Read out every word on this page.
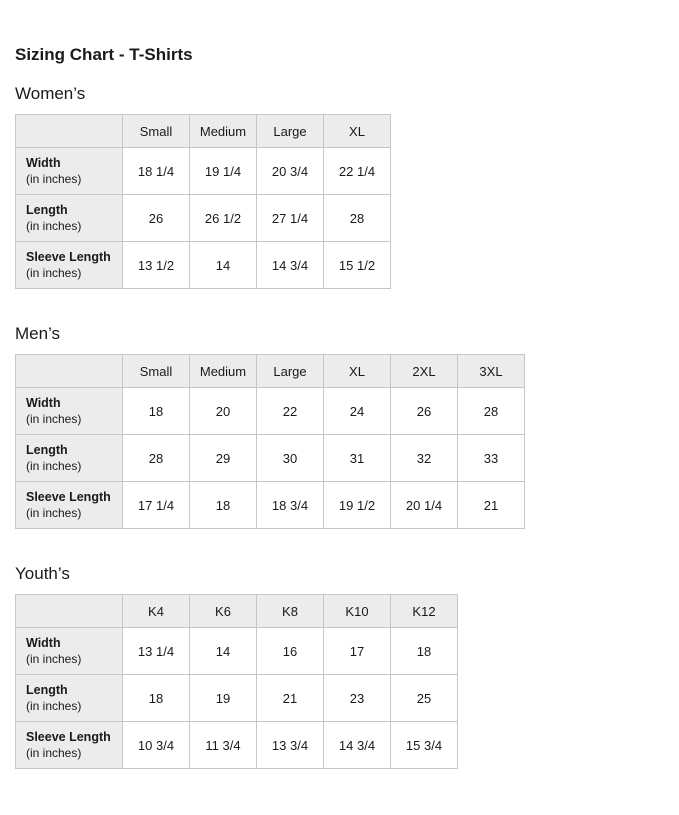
Sizing Chart - T-Shirts
Women’s
	Small	Medium	Large	XL

Width
(in inches)	18 1/4	19 1/4	20 3/4	22 1/4

Length
(in inches)	26	26 1/2	27 1/4	28

Sleeve Length
(in inches)	13 1/2	14	14 3/4	15 1/2
Men’s
	Small	Medium	Large	XL	2XL	3XL

Width
(in inches)	18	20	22	24	26	28

Length
(in inches)	28	29	30	31	32	33

Sleeve Length
(in inches)	17 1/4	18	18 3/4	19 1/2	20 1/4	21
Youth’s
	K4	K6	K8	K10	K12

Width
(in inches)	13 1/4	14	16	17	18

Length
(in inches)	18	19	21	23	25

Sleeve Length
(in inches)	10 3/4	11 3/4	13 3/4	14 3/4	15 3/4
